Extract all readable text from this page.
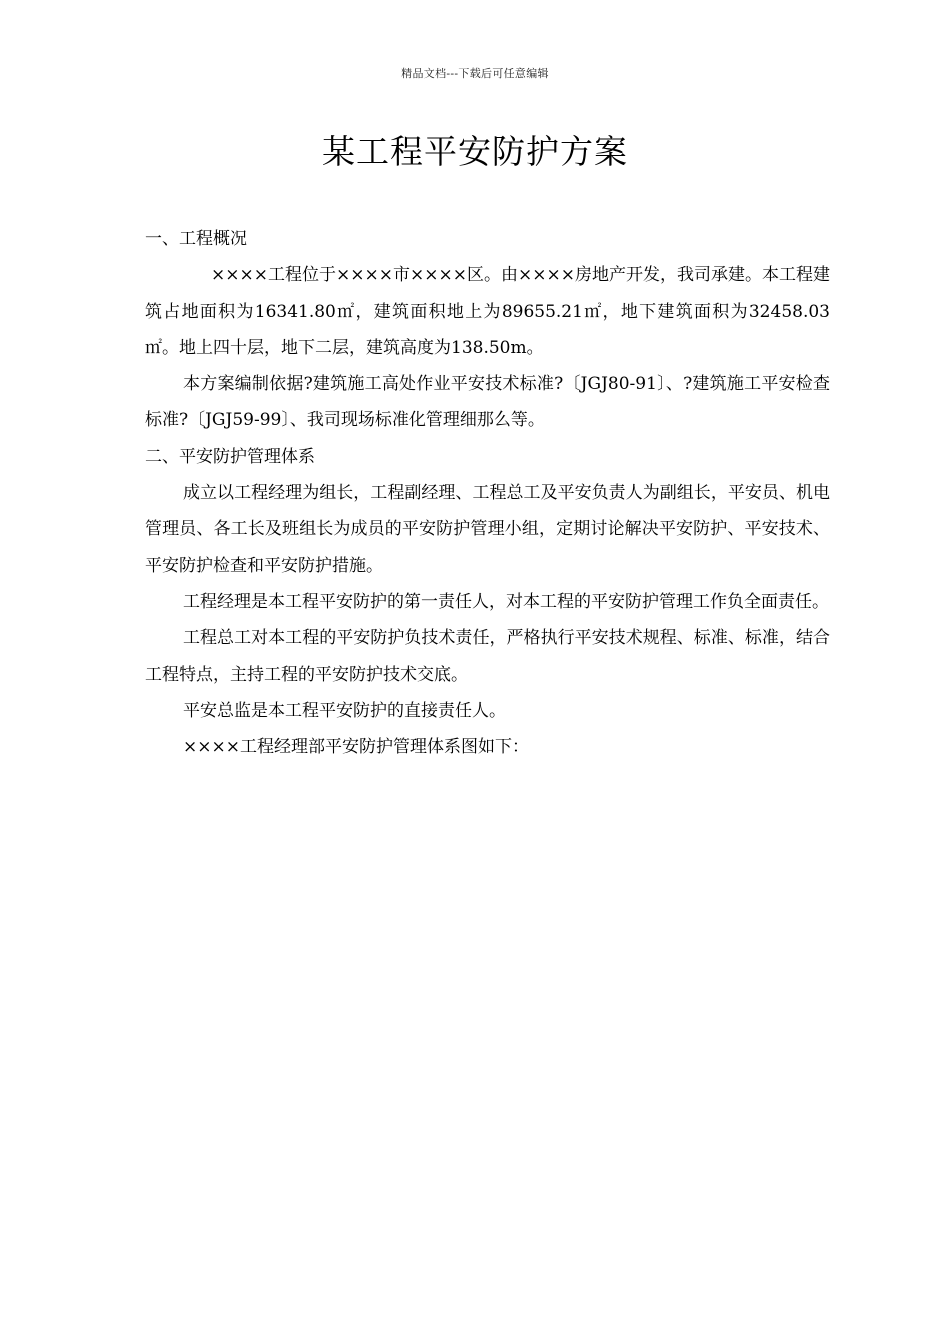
精品文档---下载后可任意编辑
某工程平安防护方案

一、工程概况

××××工程位于××××市××××区。由××××房地产开发，我司承建。本工程建筑占地面积为16341.80㎡，建筑面积地上为89655.21㎡，地下建筑面积为32458.03㎡。地上四十层，地下二层，建筑高度为138.50m。

本方案编制依据?建筑施工高处作业平安技术标准?〔JGJ80-91〕、?建筑施工平安检查标准?〔JGJ59-99〕、我司现场标准化管理细那么等。

二、平安防护管理体系

成立以工程经理为组长，工程副经理、工程总工及平安负责人为副组长，平安员、机电管理员、各工长及班组长为成员的平安防护管理小组，定期讨论解决平安防护、平安技术、平安防护检查和平安防护措施。

工程经理是本工程平安防护的第一责任人，对本工程的平安防护管理工作负全面责任。

工程总工对本工程的平安防护负技术责任，严格执行平安技术规程、标准、标准，结合工程特点，主持工程的平安防护技术交底。

平安总监是本工程平安防护的直接责任人。

××××工程经理部平安防护管理体系图如下：
